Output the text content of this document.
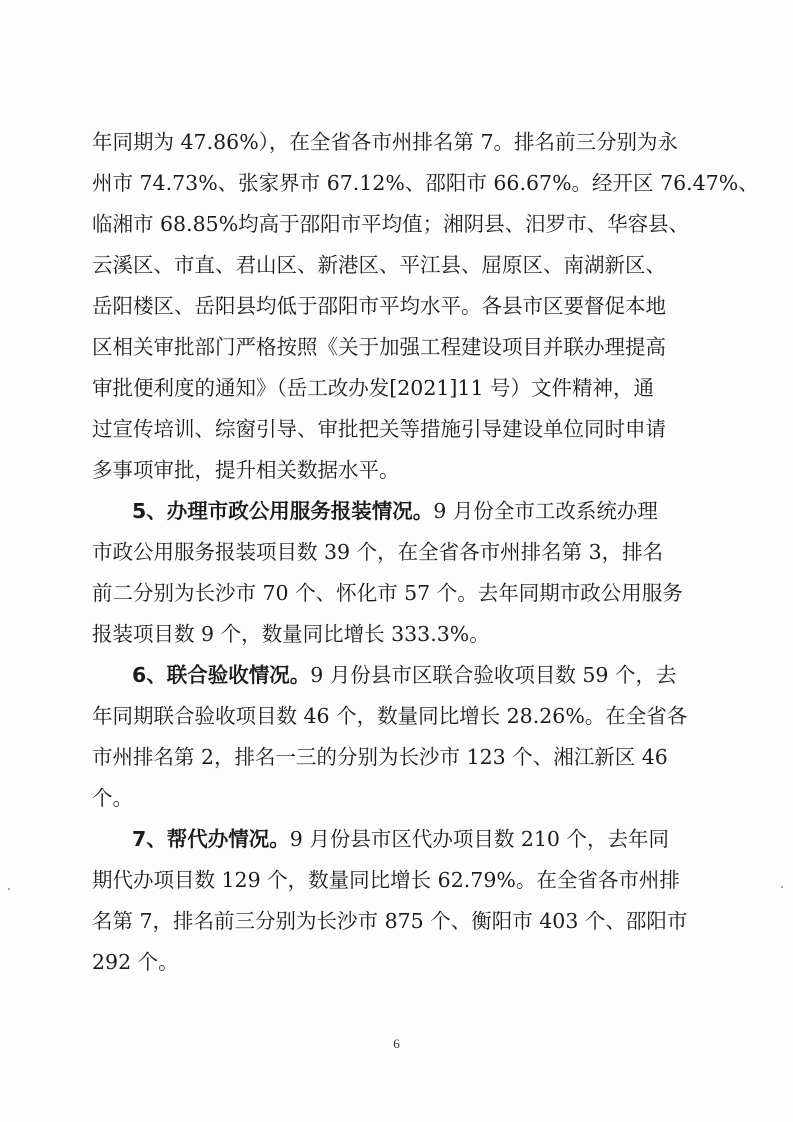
年同期为 47.86%），在全省各市州排名第 7。排名前三分别为永
州市 74.73%、张家界市 67.12%、邵阳市 66.67%。经开区 76.47%、
临湘市 68.85%均高于邵阳市平均值；湘阴县、汨罗市、华容县、
云溪区、市直、君山区、新港区、平江县、屈原区、南湖新区、
岳阳楼区、岳阳县均低于邵阳市平均水平。各县市区要督促本地
区相关审批部门严格按照《关于加强工程建设项目并联办理提高
审批便利度的通知》（岳工改办发[2021]11 号）文件精神，通
过宣传培训、综窗引导、审批把关等措施引导建设单位同时申请
多事项审批，提升相关数据水平。
5、办理市政公用服务报装情况。9 月份全市工改系统办理
市政公用服务报装项目数 39 个，在全省各市州排名第 3，排名
前二分别为长沙市 70 个、怀化市 57 个。去年同期市政公用服务
报装项目数 9 个，数量同比增长 333.3%。
6、联合验收情况。9 月份县市区联合验收项目数 59 个，去
年同期联合验收项目数 46 个，数量同比增长 28.26%。在全省各
市州排名第 2，排名一三的分别为长沙市 123 个、湘江新区 46
个。
7、帮代办情况。9 月份县市区代办项目数 210 个，去年同
期代办项目数 129 个，数量同比增长 62.79%。在全省各市州排
名第 7，排名前三分别为长沙市 875 个、衡阳市 403 个、邵阳市
292 个。
6
